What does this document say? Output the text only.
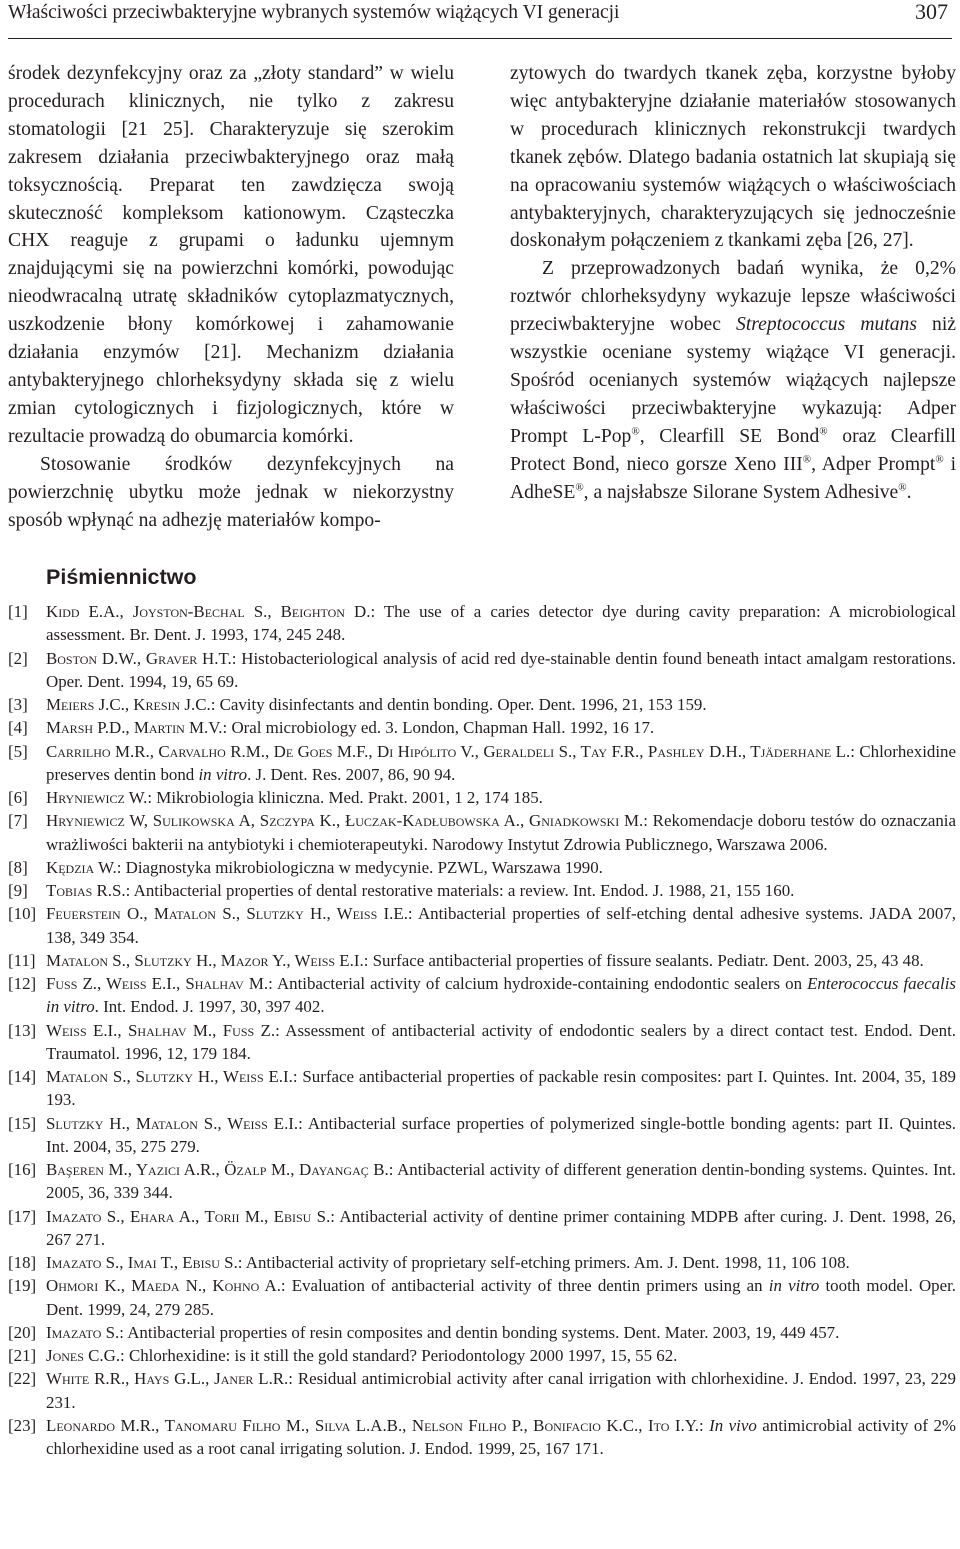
Właściwości przeciwbakteryjne wybranych systemów wiążących VI generacji	307

środek dezynfekcyjny oraz za „złoty standard” w wielu procedurach klinicznych, nie tylko z zakresu stomatologii [21 25]. Charakteryzuje się szerokim zakresem działania przeciwbakteryjnego oraz małą toksycznością. Preparat ten zawdzięcza swoją skuteczność kompleksom kationowym. Cząsteczka CHX reaguje z grupami o ładunku ujemnym znajdującymi się na powierzchni komórki, powodując nieodwracalną utratę składników cytoplazmatycznych, uszkodzenie błony komórkowej i zahamowanie działania enzymów [21]. Mechanizm działania antybakteryjnego chlorheksydyny składa się z wielu zmian cytologicznych i fizjologicznych, które w rezultacie prowadzą do obumarcia komórki.

Stosowanie środków dezynfekcyjnych na powierzchnię ubytku może jednak w niekorzystny sposób wpłynąć na adhezję materiałów kompo-

zytowych do twardych tkanek zęba, korzystne byłoby więc antybakteryjne działanie materiałów stosowanych w procedurach klinicznych rekonstrukcji twardych tkanek zębów. Dlatego badania ostatnich lat skupiają się na opracowaniu systemów wiążących o właściwościach antybakteryjnych, charakteryzujących się jednocześnie doskonałym połączeniem z tkankami zęba [26, 27].

Z przeprowadzonych badań wynika, że 0,2% roztwór chlorheksydyny wykazuje lepsze właściwości przeciwbakteryjne wobec Streptococcus mutans niż wszystkie oceniane systemy wiążące VI generacji. Spośród ocenianych systemów wiążących najlepsze właściwości przeciwbakteryjne wykazują: Adper Prompt L-Pop®, Clearfill SE Bond® oraz Clearfill Protect Bond, nieco gorsze Xeno III®, Adper Prompt® i AdheSE®, a najsłabsze Silorane System Adhesive®.

Piśmiennictwo
[1]	Kidd E.A., Joyston-Bechal S., Beighton D.: The use of a caries detector dye during cavity preparation: A microbiological assessment. Br. Dent. J. 1993, 174, 245 248.
[2]	Boston D.W., Graver H.T.: Histobacteriological analysis of acid red dye-stainable dentin found beneath intact amalgam restorations. Oper. Dent. 1994, 19, 65 69.
[3]	Meiers J.C., Kresin J.C.: Cavity disinfectants and dentin bonding. Oper. Dent. 1996, 21, 153 159.
[4]	Marsh P.D., Martin M.V.: Oral microbiology ed. 3. London, Chapman Hall. 1992, 16 17.
[5]	Carrilho M.R., Carvalho R.M., De Goes M.F., Di Hipólito V., Geraldeli S., Tay F.R., Pashley D.H., Tjäderhane L.: Chlorhexidine preserves dentin bond in vitro. J. Dent. Res. 2007, 86, 90 94.
[6]	Hryniewicz W.: Mikrobiologia kliniczna. Med. Prakt. 2001, 1 2, 174 185.
[7]	Hryniewicz W, Sulikowska A, Szczypa K., Łuczak-Kadłubowska A., Gniadkowski M.: Rekomendacje doboru testów do oznaczania wrażliwości bakterii na antybiotyki i chemioterapeutyki. Narodowy Instytut Zdrowia Publicznego, Warszawa 2006.
[8]	Kędzia W.: Diagnostyka mikrobiologiczna w medycynie. PZWL, Warszawa 1990.
[9]	Tobias R.S.: Antibacterial properties of dental restorative materials: a review. Int. Endod. J. 1988, 21, 155 160.
[10] Feuerstein O., Matalon S., Slutzky H., Weiss I.E.: Antibacterial properties of self-etching dental adhesive systems. JADA 2007, 138, 349 354.
[11] Matalon S., Slutzky H., Mazor Y., Weiss E.I.: Surface antibacterial properties of fissure sealants. Pediatr. Dent. 2003, 25, 43 48.
[12] Fuss Z., Weiss E.I., Shalhav M.: Antibacterial activity of calcium hydroxide-containing endodontic sealers on Enterococcus faecalis in vitro. Int. Endod. J. 1997, 30, 397 402.
[13] Weiss E.I., Shalhav M., Fuss Z.: Assessment of antibacterial activity of endodontic sealers by a direct contact test. Endod. Dent. Traumatol. 1996, 12, 179 184.
[14] Matalon S., Slutzky H., Weiss E.I.: Surface antibacterial properties of packable resin composites: part I. Quintes. Int. 2004, 35, 189 193.
[15] Slutzky H., Matalon S., Weiss E.I.: Antibacterial surface properties of polymerized single-bottle bonding agents: part II. Quintes. Int. 2004, 35, 275 279.
[16] Başeren M., Yazici A.R., Özalp M., Dayangaç B.: Antibacterial activity of different generation dentin-bonding systems. Quintes. Int. 2005, 36, 339 344.
[17] Imazato S., Ehara A., Torii M., Ebisu S.: Antibacterial activity of dentine primer containing MDPB after curing. J. Dent. 1998, 26, 267 271.
[18] Imazato S., Imai T., Ebisu S.: Antibacterial activity of proprietary self-etching primers. Am. J. Dent. 1998, 11, 106 108.
[19] Ohmori K., Maeda N., Kohno A.: Evaluation of antibacterial activity of three dentin primers using an in vitro tooth model. Oper. Dent. 1999, 24, 279 285.
[20] Imazato S.: Antibacterial properties of resin composites and dentin bonding systems. Dent. Mater. 2003, 19, 449 457.
[21] Jones C.G.: Chlorhexidine: is it still the gold standard? Periodontology 2000 1997, 15, 55 62.
[22] White R.R., Hays G.L., Janer L.R.: Residual antimicrobial activity after canal irrigation with chlorhexidine. J. Endod. 1997, 23, 229 231.
[23] Leonardo M.R., Tanomaru Filho M., Silva L.A.B., Nelson Filho P., Bonifacio K.C., Ito I.Y.: In vivo antimicrobial activity of 2% chlorhexidine used as a root canal irrigating solution. J. Endod. 1999, 25, 167 171.
